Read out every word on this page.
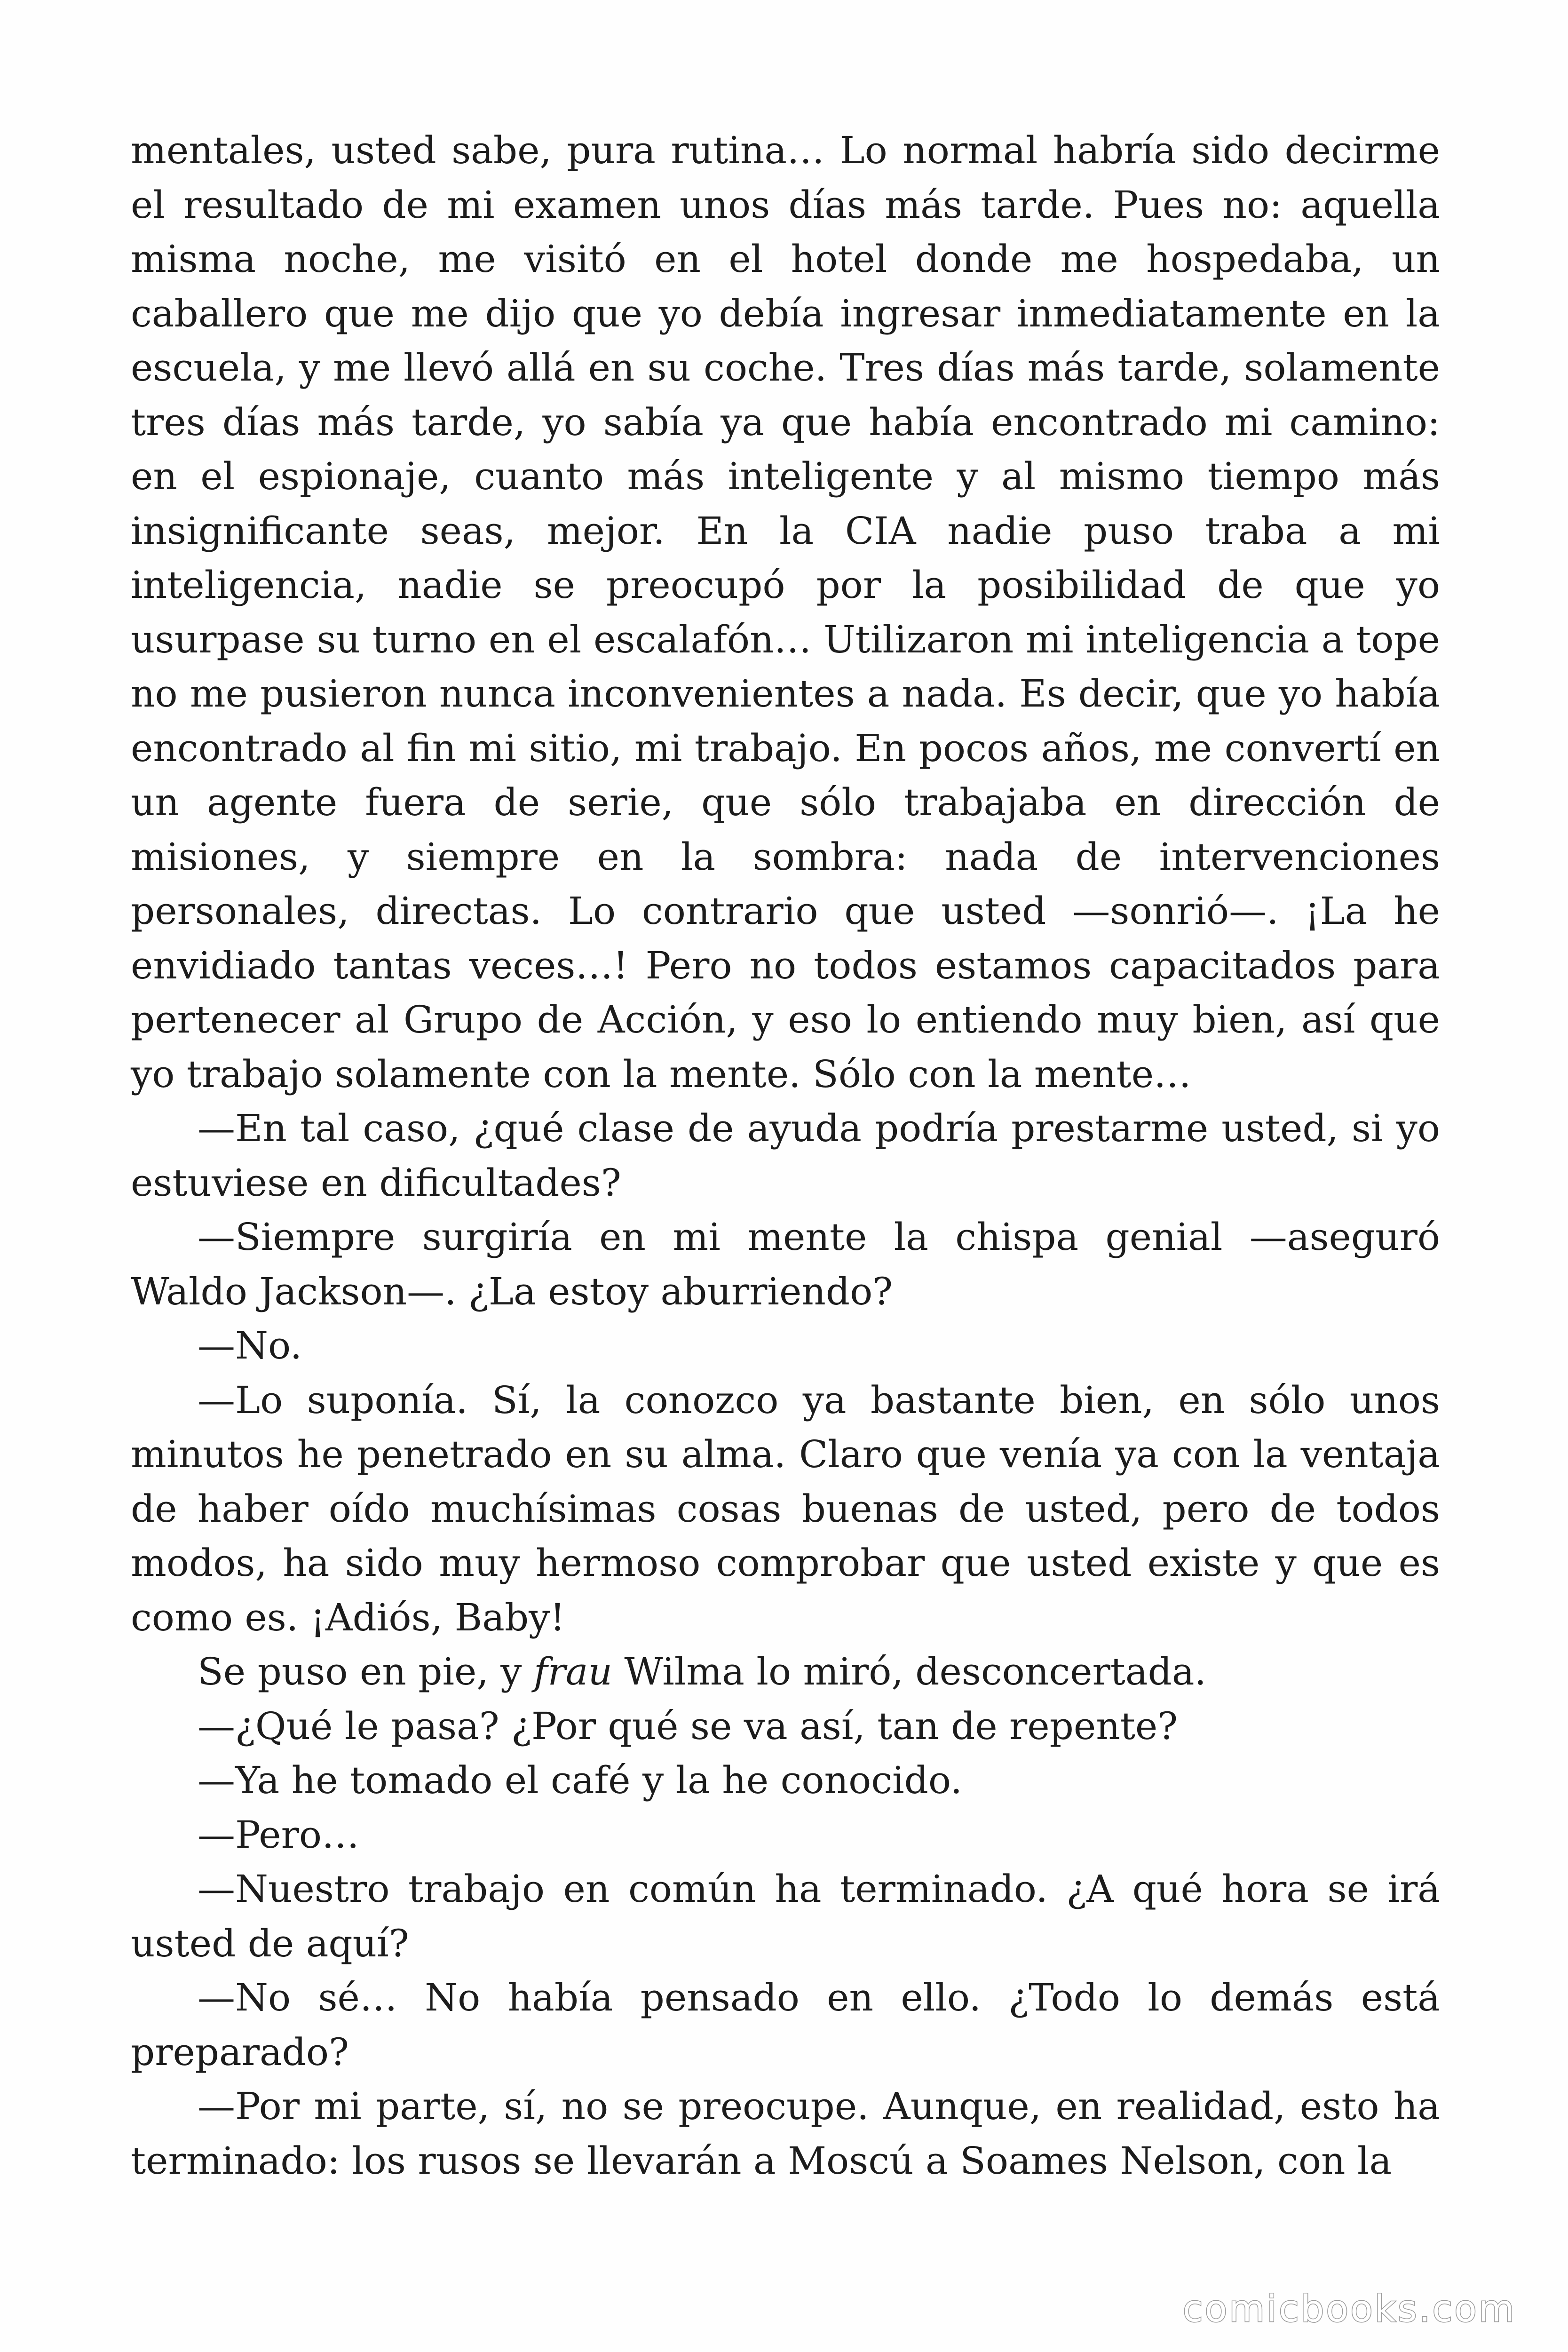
mentales, usted sabe, pura rutina… Lo normal habría sido decirme el resultado de mi examen unos días más tarde. Pues no: aquella misma noche, me visitó en el hotel donde me hospedaba, un caballero que me dijo que yo debía ingresar inmediatamente en la escuela, y me llevó allá en su coche. Tres días más tarde, solamente tres días más tarde, yo sabía ya que había encontrado mi camino: en el espionaje, cuanto más inteligente y al mismo tiempo más insignificante seas, mejor. En la CIA nadie puso traba a mi inteligencia, nadie se preocupó por la posibilidad de que yo usurpase su turno en el escalafón… Utilizaron mi inteligencia a tope no me pusieron nunca inconvenientes a nada. Es decir, que yo había encontrado al fin mi sitio, mi trabajo. En pocos años, me convertí en un agente fuera de serie, que sólo trabajaba en dirección de misiones, y siempre en la sombra: nada de intervenciones personales, directas. Lo contrario que usted —sonrió—. ¡La he envidiado tantas veces…! Pero no todos estamos capacitados para pertenecer al Grupo de Acción, y eso lo entiendo muy bien, así que yo trabajo solamente con la mente. Sólo con la mente…

—En tal caso, ¿qué clase de ayuda podría prestarme usted, si yo estuviese en dificultades?

—Siempre surgiría en mi mente la chispa genial —aseguró Waldo Jackson—. ¿La estoy aburriendo?

—No.

—Lo suponía. Sí, la conozco ya bastante bien, en sólo unos minutos he penetrado en su alma. Claro que venía ya con la ventaja de haber oído muchísimas cosas buenas de usted, pero de todos modos, ha sido muy hermoso comprobar que usted existe y que es como es. ¡Adiós, Baby!

Se puso en pie, y frau Wilma lo miró, desconcertada.

—¿Qué le pasa? ¿Por qué se va así, tan de repente?

—Ya he tomado el café y la he conocido.

—Pero…

—Nuestro trabajo en común ha terminado. ¿A qué hora se irá usted de aquí?

—No sé… No había pensado en ello. ¿Todo lo demás está preparado?

—Por mi parte, sí, no se preocupe. Aunque, en realidad, esto ha terminado: los rusos se llevarán a Moscú a Soames Nelson, con la

comicbooks.com
